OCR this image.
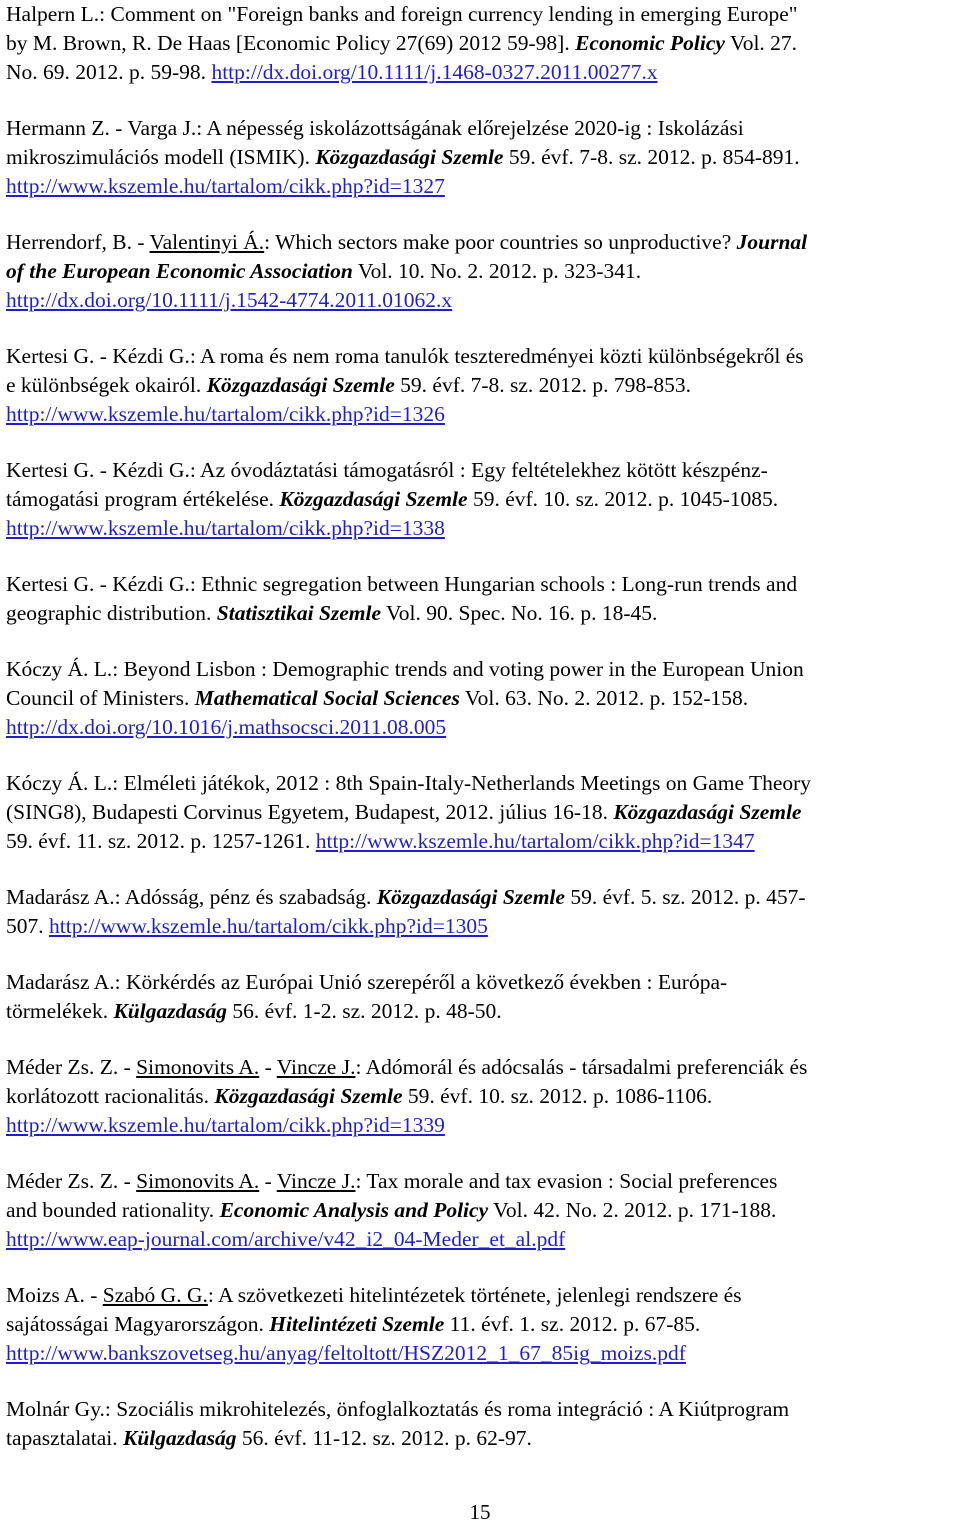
Halpern L.: Comment on "Foreign banks and foreign currency lending in emerging Europe"
by M. Brown, R. De Haas [Economic Policy 27(69) 2012 59-98]. Economic Policy Vol. 27.
No. 69. 2012. p. 59-98. http://dx.doi.org/10.1111/j.1468-0327.2011.00277.x
Hermann Z. - Varga J.: A népesség iskolázottságának előrejelzése 2020-ig : Iskolázási
mikroszimulációs modell (ISMIK). Közgazdasági Szemle 59. évf. 7-8. sz. 2012. p. 854-891.
http://www.kszemle.hu/tartalom/cikk.php?id=1327
Herrendorf, B. - Valentinyi Á.: Which sectors make poor countries so unproductive? Journal
of the European Economic Association Vol. 10. No. 2. 2012. p. 323-341.
http://dx.doi.org/10.1111/j.1542-4774.2011.01062.x
Kertesi G. - Kézdi G.: A roma és nem roma tanulók teszteredményei közti különbségekről és
e különbségek okairól. Közgazdasági Szemle 59. évf. 7-8. sz. 2012. p. 798-853.
http://www.kszemle.hu/tartalom/cikk.php?id=1326
Kertesi G. - Kézdi G.: Az óvodáztatási támogatásról : Egy feltételekhez kötött készpénz-
támogatási program értékelése. Közgazdasági Szemle 59. évf. 10. sz. 2012. p. 1045-1085.
http://www.kszemle.hu/tartalom/cikk.php?id=1338
Kertesi G. - Kézdi G.: Ethnic segregation between Hungarian schools : Long-run trends and
geographic distribution. Statisztikai Szemle Vol. 90. Spec. No. 16. p. 18-45.
Kóczy Á. L.: Beyond Lisbon : Demographic trends and voting power in the European Union
Council of Ministers. Mathematical Social Sciences Vol. 63. No. 2. 2012. p. 152-158.
http://dx.doi.org/10.1016/j.mathsocsci.2011.08.005
Kóczy Á. L.: Elméleti játékok, 2012 : 8th Spain-Italy-Netherlands Meetings on Game Theory
(SING8), Budapesti Corvinus Egyetem, Budapest, 2012. július 16-18. Közgazdasági Szemle
59. évf. 11. sz. 2012. p. 1257-1261. http://www.kszemle.hu/tartalom/cikk.php?id=1347
Madarász A.: Adósság, pénz és szabadság. Közgazdasági Szemle 59. évf. 5. sz. 2012. p. 457-
507. http://www.kszemle.hu/tartalom/cikk.php?id=1305
Madarász A.: Körkérdés az Európai Unió szerepéről a következő években : Európa-
törmelékek. Külgazdaság 56. évf. 1-2. sz. 2012. p. 48-50.
Méder Zs. Z. - Simonovits A. - Vincze J.: Adómorál és adócsalás - társadalmi preferenciák és
korlátozott racionalitás. Közgazdasági Szemle 59. évf. 10. sz. 2012. p. 1086-1106.
http://www.kszemle.hu/tartalom/cikk.php?id=1339
Méder Zs. Z. - Simonovits A. - Vincze J.: Tax morale and tax evasion : Social preferences
and bounded rationality. Economic Analysis and Policy Vol. 42. No. 2. 2012. p. 171-188.
http://www.eap-journal.com/archive/v42_i2_04-Meder_et_al.pdf
Moizs A. - Szabó G. G.: A szövetkezeti hitelintézetek története, jelenlegi rendszere és
sajátosságai Magyarországon. Hitelintézeti Szemle 11. évf. 1. sz. 2012. p. 67-85.
http://www.bankszovetseg.hu/anyag/feltoltott/HSZ2012_1_67_85ig_moizs.pdf
Molnár Gy.: Szociális mikrohitelezés, önfoglalkoztatás és roma integráció : A Kiútprogram
tapasztalatai. Külgazdaság 56. évf. 11-12. sz. 2012. p. 62-97.
15
